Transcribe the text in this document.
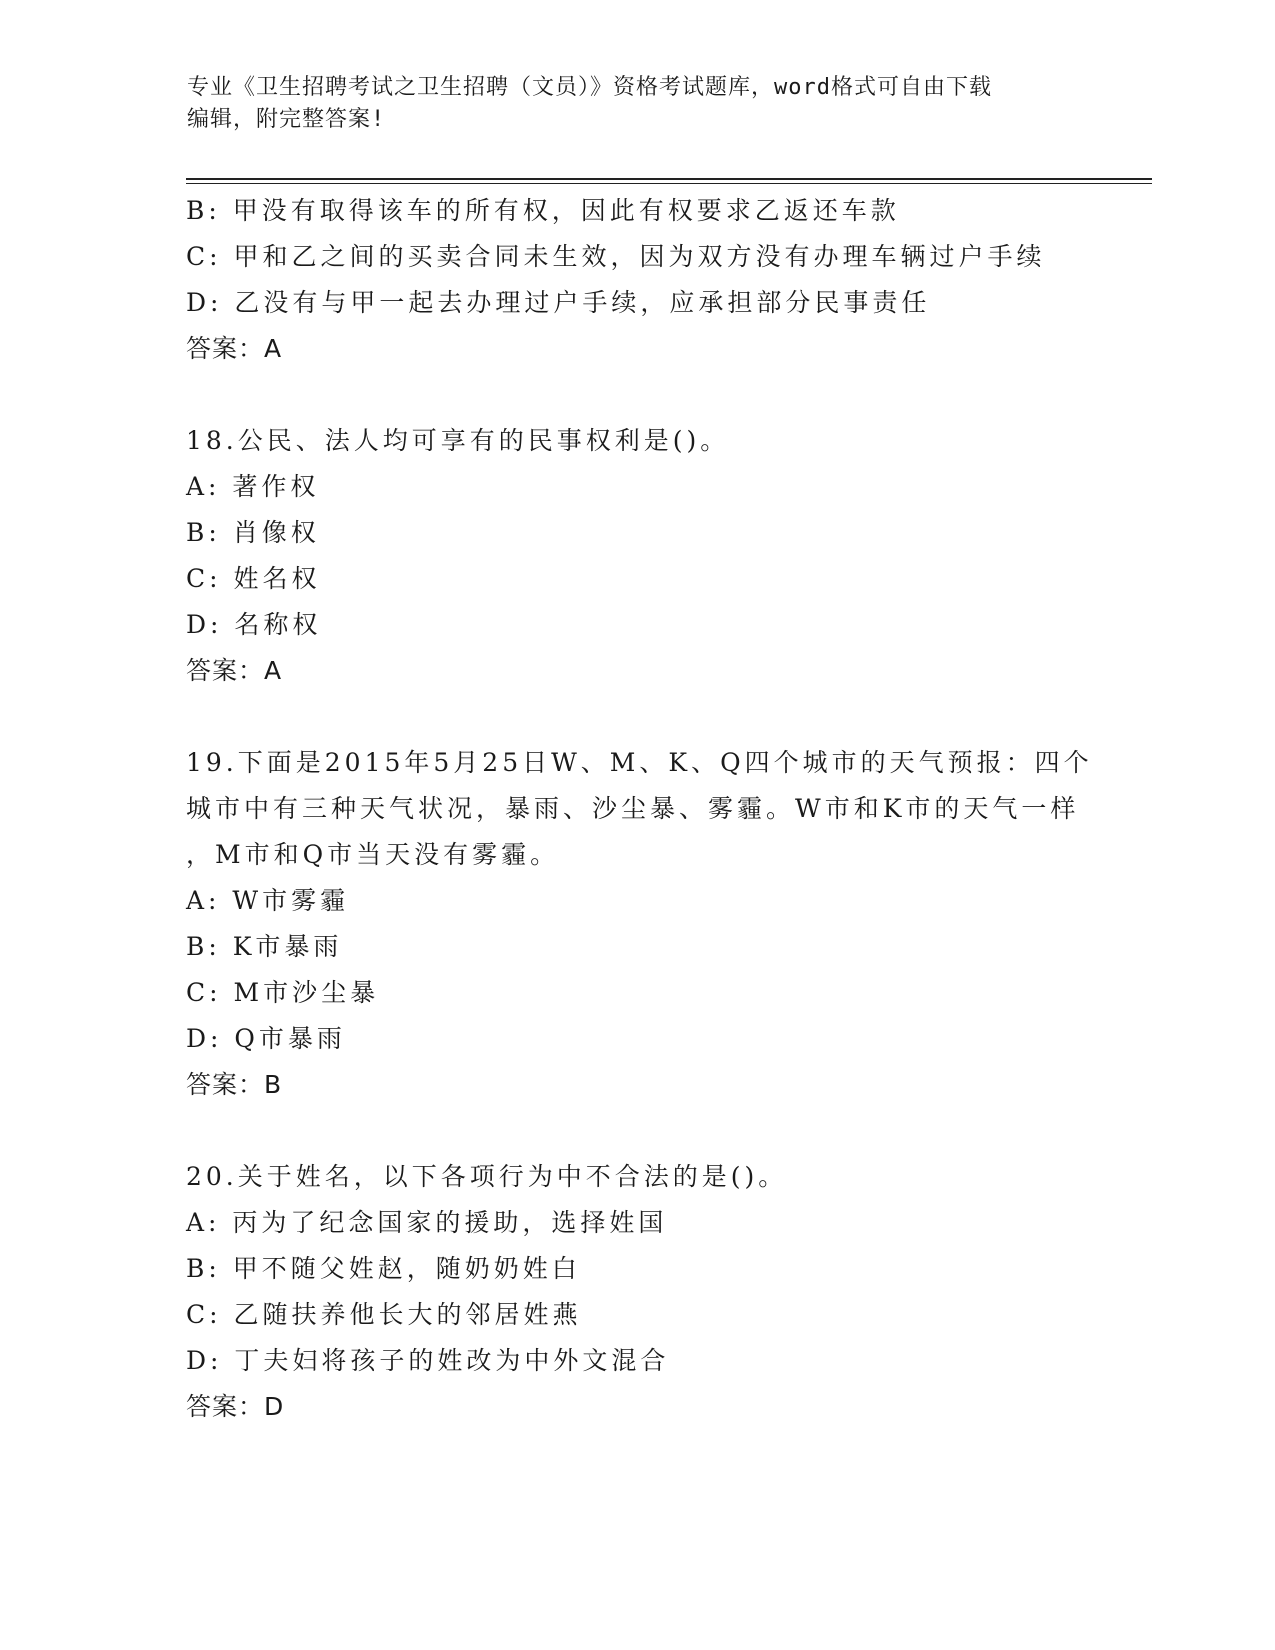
专业《卫生招聘考试之卫生招聘（文员）》资格考试题库，word格式可自由下载
编辑，附完整答案!
B: 甲没有取得该车的所有权，因此有权要求乙返还车款
C: 甲和乙之间的买卖合同未生效，因为双方没有办理车辆过户手续
D: 乙没有与甲一起去办理过户手续，应承担部分民事责任
答案：A
18.公民、法人均可享有的民事权利是()。
A: 著作权
B: 肖像权
C: 姓名权
D: 名称权
答案：A
19.下面是2015年5月25日W、M、K、Q四个城市的天气预报：四个
城市中有三种天气状况，暴雨、沙尘暴、雾霾。W市和K市的天气一样
，M市和Q市当天没有雾霾。
A: W市雾霾
B: K市暴雨
C: M市沙尘暴
D: Q市暴雨
答案：B
20.关于姓名，以下各项行为中不合法的是()。
A: 丙为了纪念国家的援助，选择姓国
B: 甲不随父姓赵，随奶奶姓白
C: 乙随扶养他长大的邻居姓燕
D: 丁夫妇将孩子的姓改为中外文混合
答案：D
